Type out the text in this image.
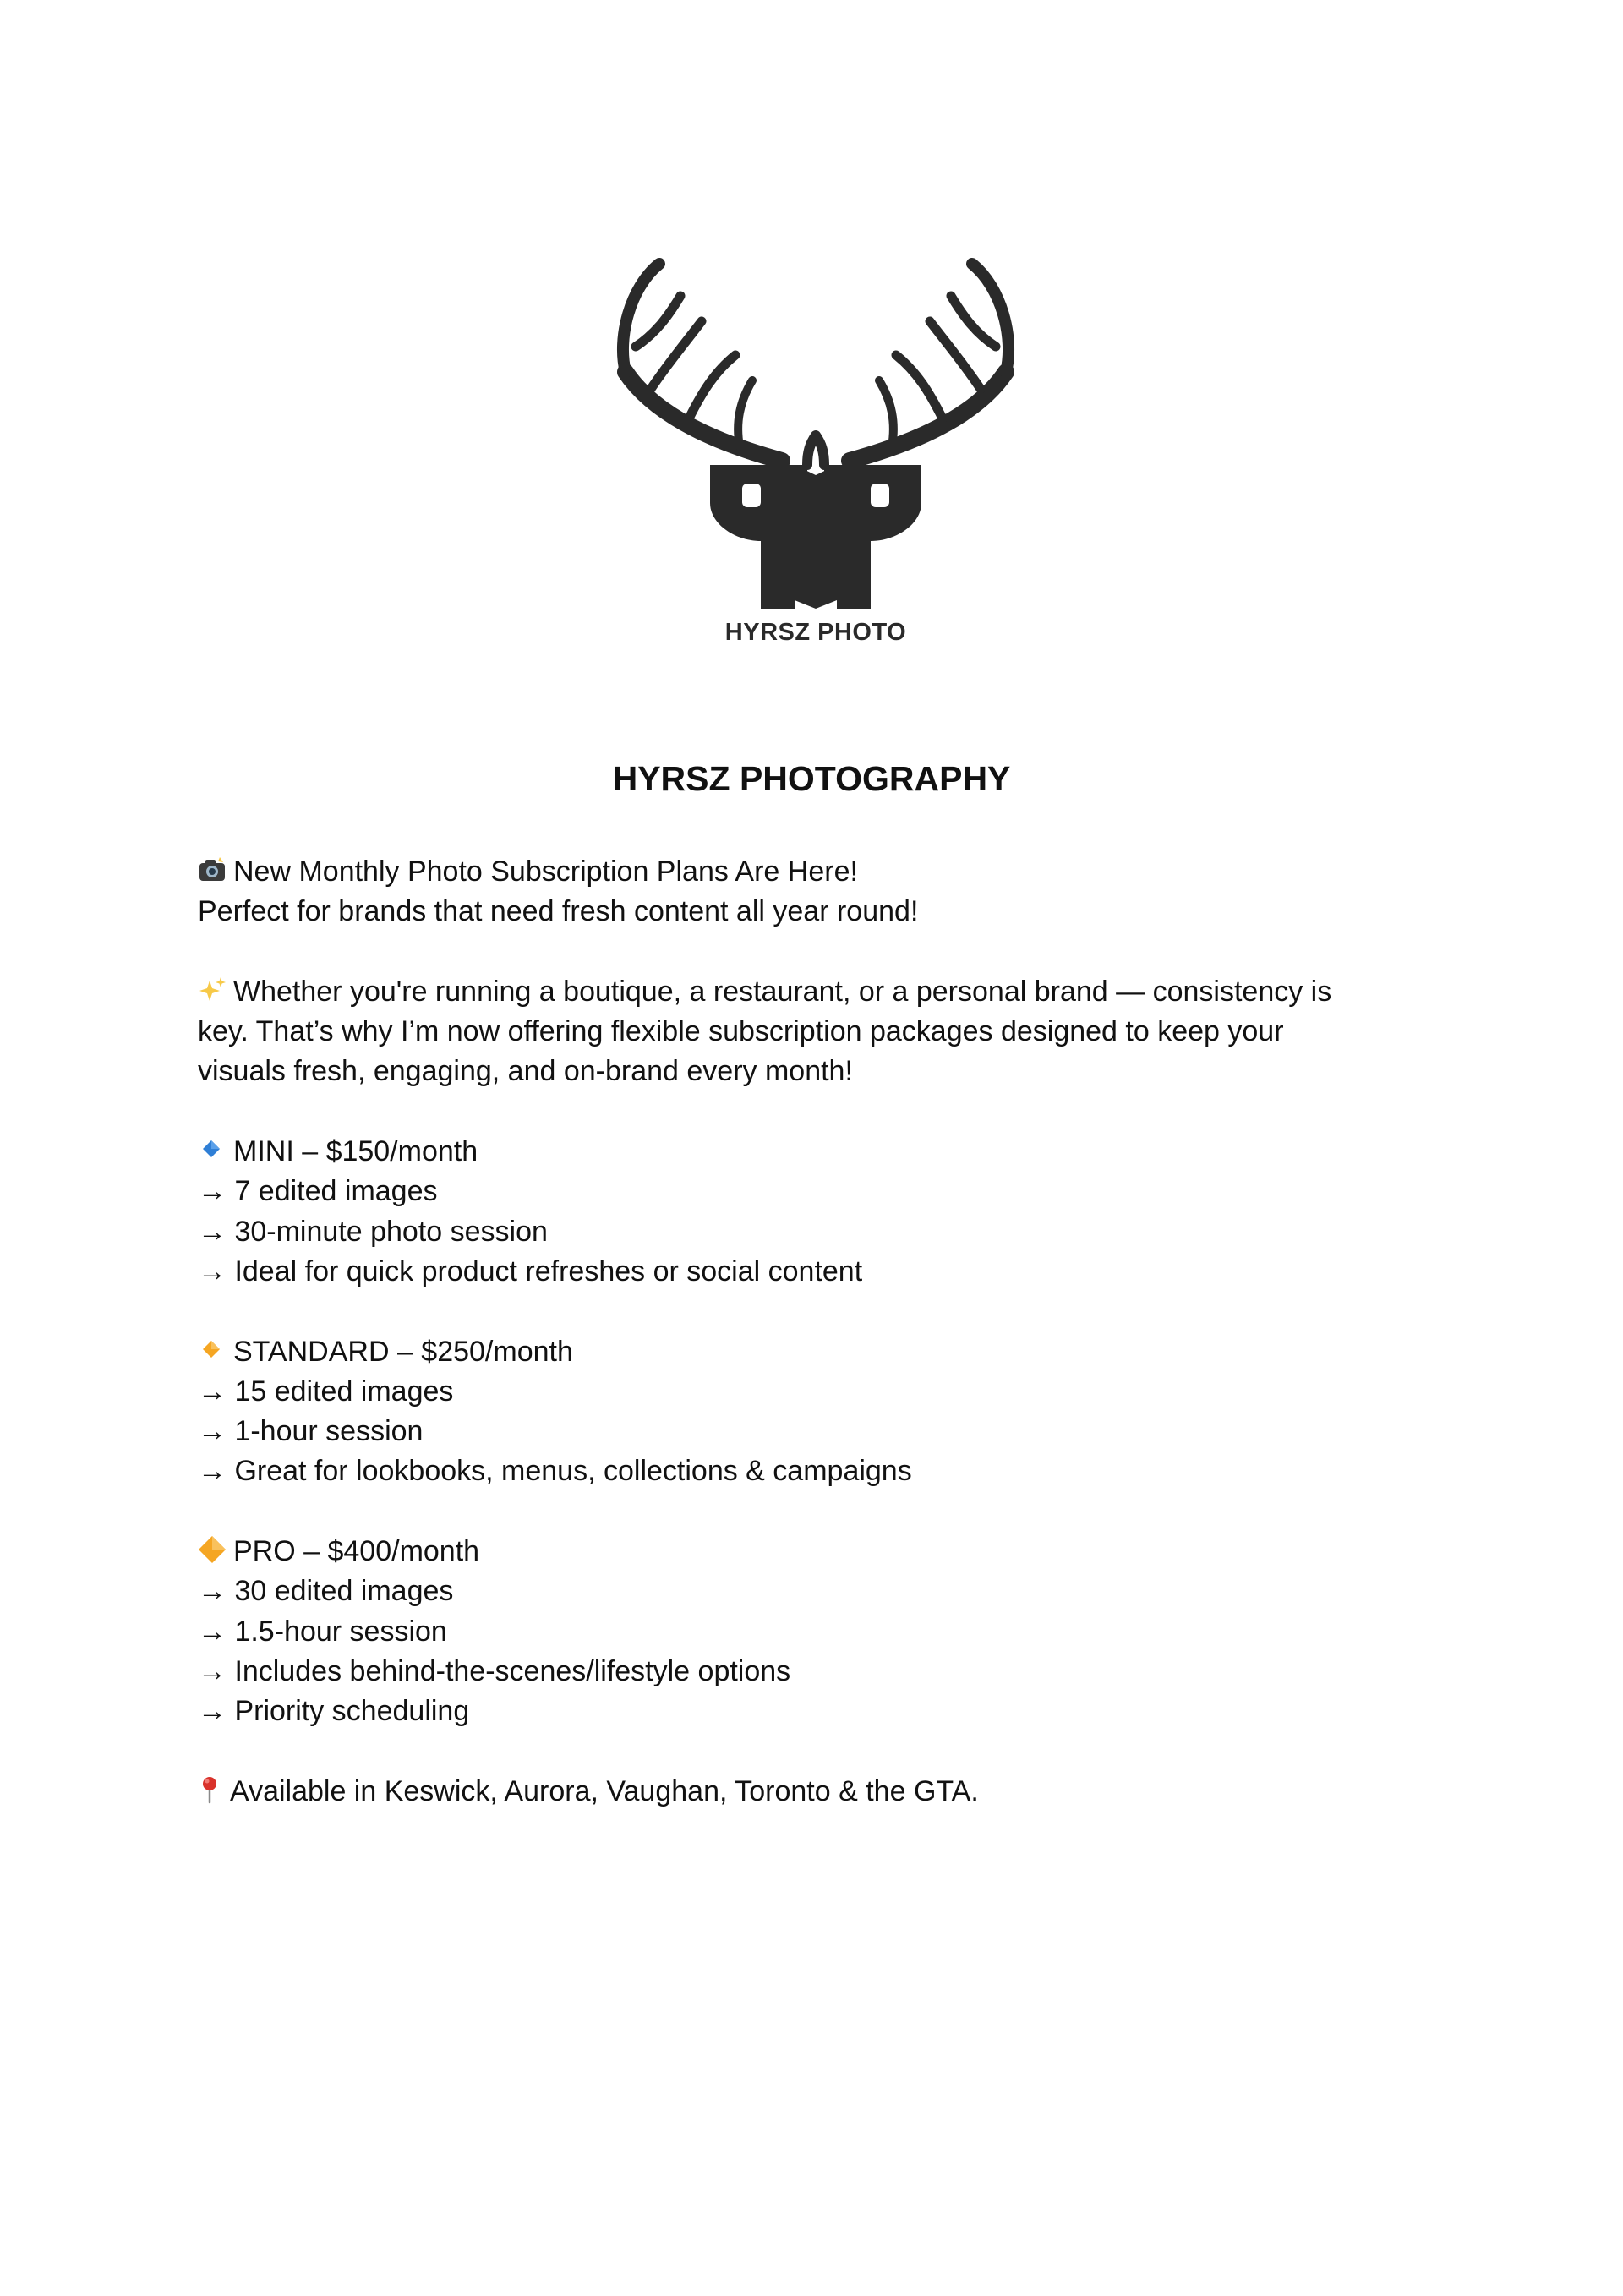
HYRSZ PHOTO
HYRSZ PHOTOGRAPHY
New Monthly Photo Subscription Plans Are Here!
Perfect for brands that need fresh content all year round!
Whether you're running a boutique, a restaurant, or a personal brand — consistency is
key. That’s why I’m now offering flexible subscription packages designed to keep your
visuals fresh, engaging, and on-brand every month!
MINI – $150/month
→ 7 edited images
→ 30-minute photo session
→ Ideal for quick product refreshes or social content
STANDARD – $250/month
→ 15 edited images
→ 1-hour session
→ Great for lookbooks, menus, collections & campaigns
PRO – $400/month
→ 30 edited images
→ 1.5-hour session
→ Includes behind-the-scenes/lifestyle options
→ Priority scheduling
Available in Keswick, Aurora, Vaughan, Toronto & the GTA.
